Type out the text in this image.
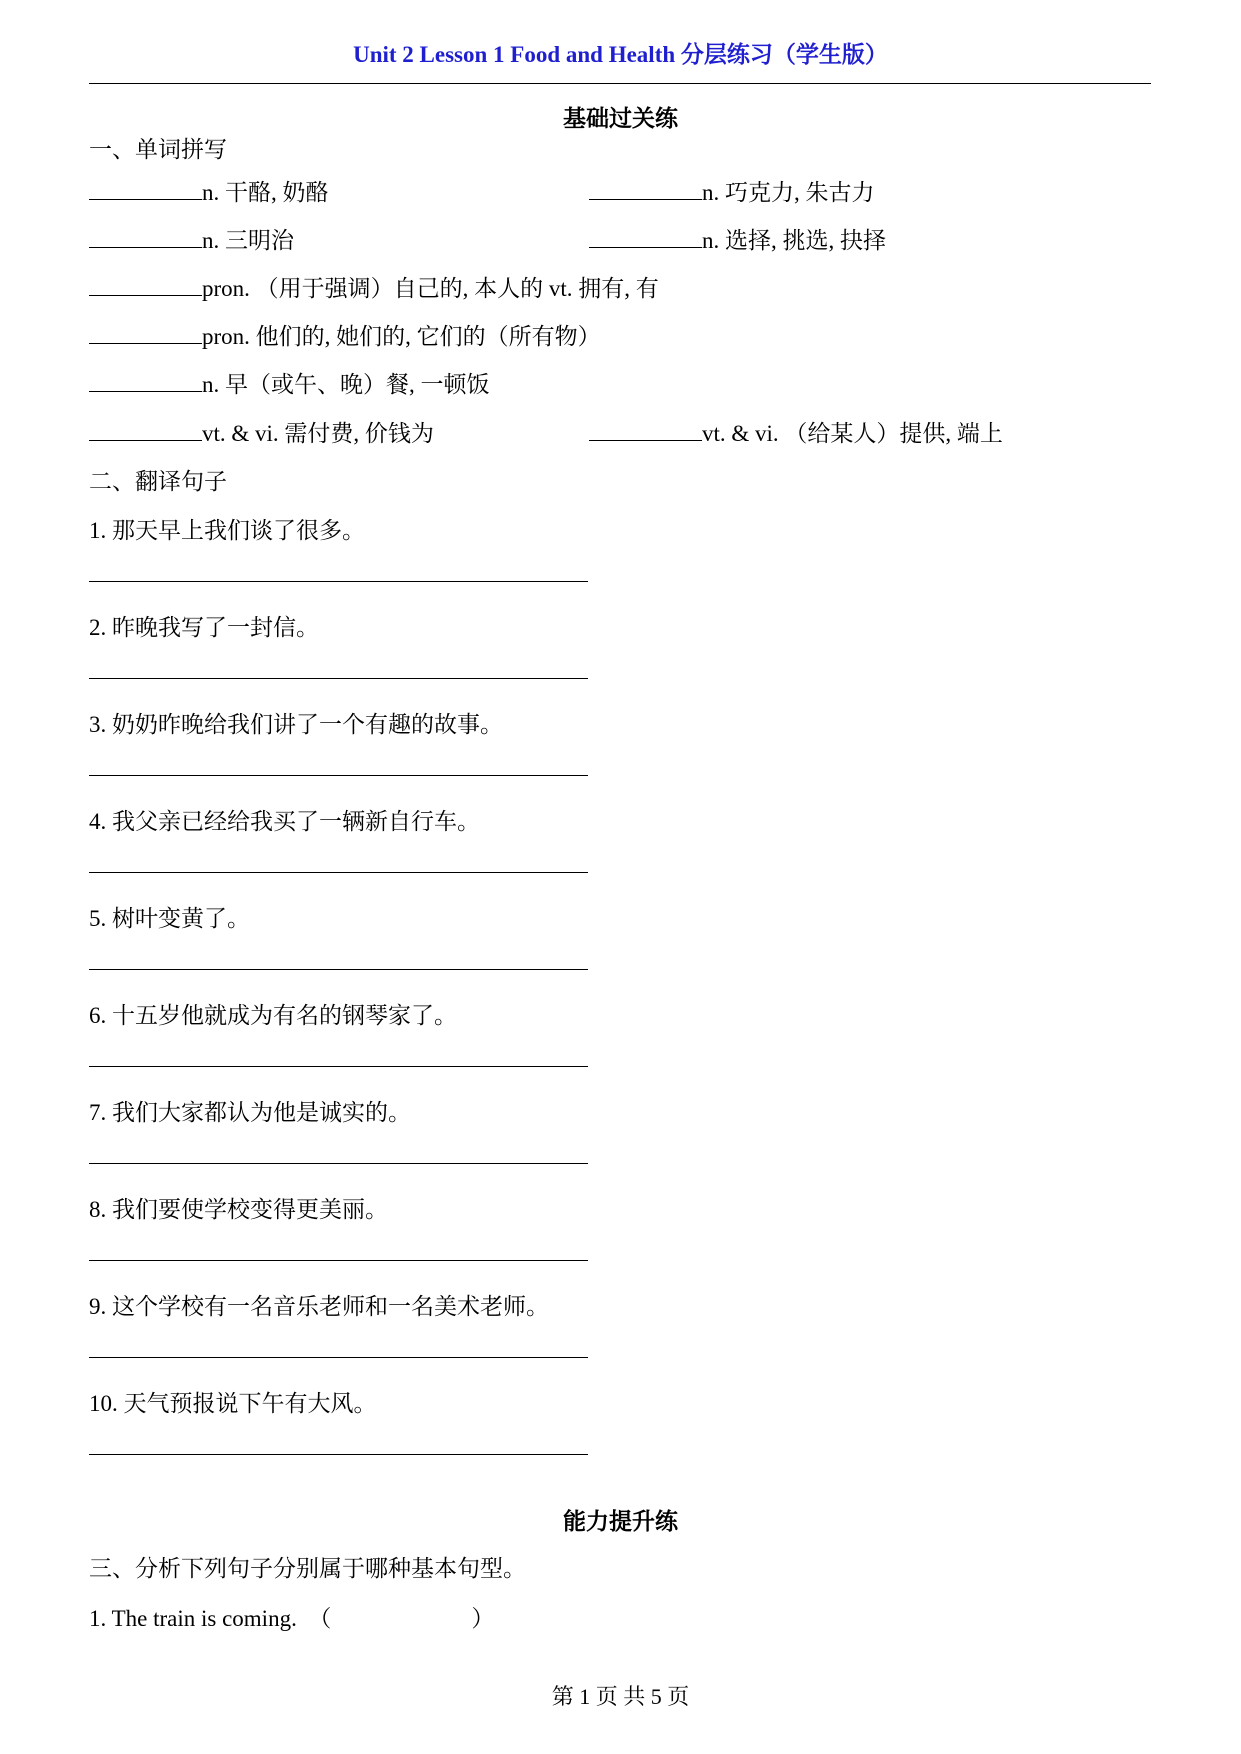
Unit 2 Lesson 1 Food and Health 分层练习（学生版）
基础过关练
一、单词拼写
n. 干酪, 奶酪	n. 巧克力, 朱古力
n. 三明治	n. 选择, 挑选, 抉择
pron. （用于强调）自己的, 本人的 vt. 拥有, 有
pron. 他们的, 她们的, 它们的（所有物）
n. 早（或午、晚）餐, 一顿饭
vt. & vi. 需付费, 价钱为	vt. & vi. （给某人）提供, 端上
二、翻译句子
1. 那天早上我们谈了很多。
2. 昨晚我写了一封信。
3. 奶奶昨晚给我们讲了一个有趣的故事。
4. 我父亲已经给我买了一辆新自行车。
5. 树叶变黄了。
6. 十五岁他就成为有名的钢琴家了。
7. 我们大家都认为他是诚实的。
8. 我们要使学校变得更美丽。
9. 这个学校有一名音乐老师和一名美术老师。
10. 天气预报说下午有大风。
能力提升练
三、分析下列句子分别属于哪种基本句型。
1. The train is coming. （	）
第 1 页 共 5 页
